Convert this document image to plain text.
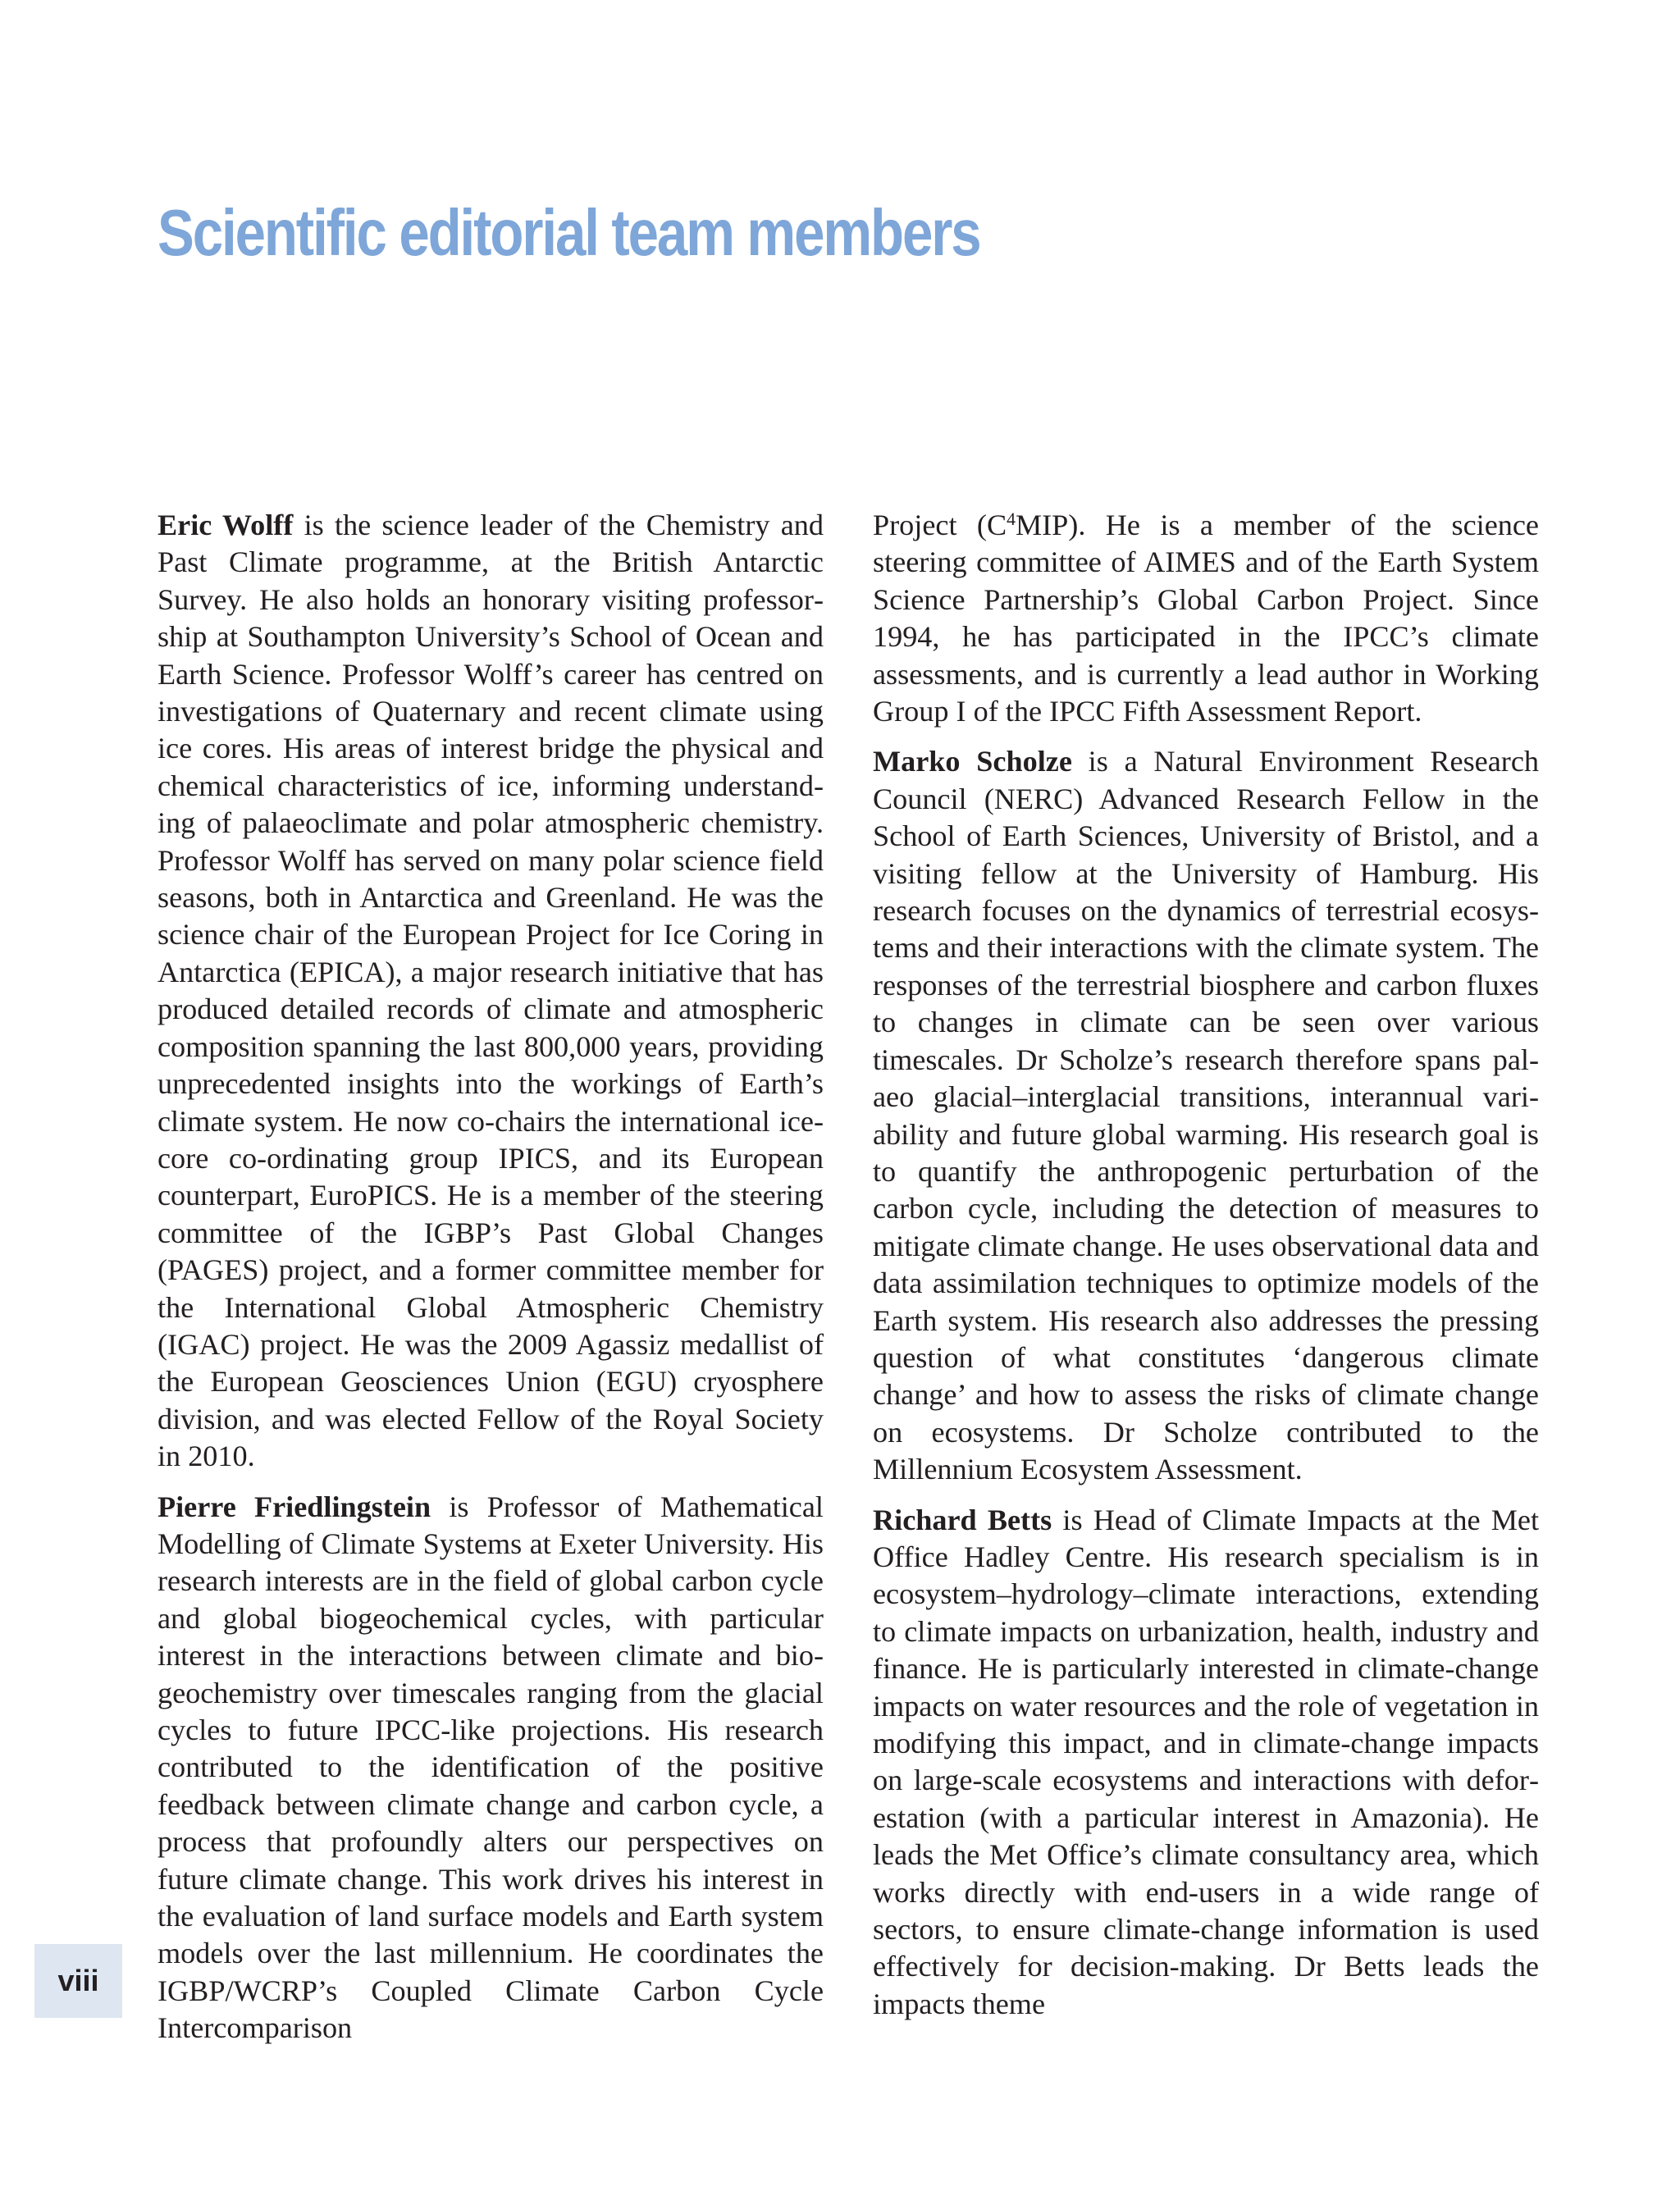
Scientific editorial team members

Eric Wolff is the science leader of the Chemistry and Past Climate programme, at the British Antarctic Survey. He also holds an honorary visiting professorship at Southampton University’s School of Ocean and Earth Science. Professor Wolff’s career has centred on investigations of Quaternary and recent climate using ice cores. His areas of interest bridge the physical and chemical characteristics of ice, informing understanding of palaeoclimate and polar atmospheric chemistry. Professor Wolff has served on many polar science field seasons, both in Antarctica and Greenland. He was the science chair of the European Project for Ice Coring in Antarctica (EPICA), a major research initiative that has produced detailed records of climate and atmospheric composition spanning the last 800,000 years, providing unprecedented insights into the workings of Earth’s climate system. He now co-chairs the international ice-core co-ordinating group IPICS, and its European counterpart, EuroPICS. He is a member of the steering committee of the IGBP’s Past Global Changes (PAGES) project, and a former committee member for the International Global Atmospheric Chemistry (IGAC) project. He was the 2009 Agassiz medallist of the European Geosciences Union (EGU) cryosphere division, and was elected Fellow of the Royal Society in 2010.

Pierre Friedlingstein is Professor of Mathematical Modelling of Climate Systems at Exeter University. His research interests are in the field of global carbon cycle and global biogeochemical cycles, with particular interest in the interactions between climate and biogeochemistry over timescales ranging from the glacial cycles to future IPCC-like projections. His research contributed to the identification of the positive feedback between climate change and carbon cycle, a process that profoundly alters our perspectives on future climate change. This work drives his interest in the evaluation of land surface models and Earth system models over the last millennium. He coordinates the IGBP/WCRP’s Coupled Climate Carbon Cycle Intercomparison

Project $(C^4MIP)$. He is a member of the science steering committee of AIMES and of the Earth System Science Partnership’s Global Carbon Project. Since 1994, he has participated in the IPCC’s climate assessments, and is currently a lead author in Working Group I of the IPCC Fifth Assessment Report.

Marko Scholze is a Natural Environment Research Council (NERC) Advanced Research Fellow in the School of Earth Sciences, University of Bristol, and a visiting fellow at the University of Hamburg. His research focuses on the dynamics of terrestrial ecosystems and their interactions with the climate system. The responses of the terrestrial biosphere and carbon fluxes to changes in climate can be seen over various timescales. Dr Scholze’s research therefore spans palaeo glacial–interglacial transitions, interannual variability and future global warming. His research goal is to quantify the anthropogenic perturbation of the carbon cycle, including the detection of measures to mitigate climate change. He uses observational data and data assimilation techniques to optimize models of the Earth system. His research also addresses the pressing question of what constitutes ‘dangerous climate change’ and how to assess the risks of climate change on ecosystems. Dr Scholze contributed to the Millennium Ecosystem Assessment.

Richard Betts is Head of Climate Impacts at the Met Office Hadley Centre. His research specialism is in ecosystem–hydrology–climate interactions, extending to climate impacts on urbanization, health, industry and finance. He is particularly interested in climate-change impacts on water resources and the role of vegetation in modifying this impact, and in climate-change impacts on large-scale ecosystems and interactions with deforestation (with a particular interest in Amazonia). He leads the Met Office’s climate consultancy area, which works directly with end-users in a wide range of sectors, to ensure climate-change information is used effectively for decision-making. Dr Betts leads the impacts theme

viii
